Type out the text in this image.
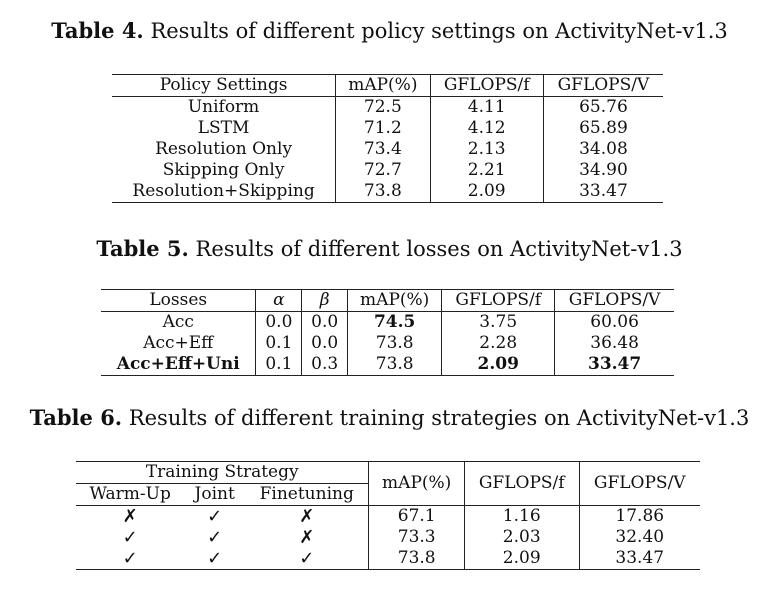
Table 4. Results of different policy settings on ActivityNet-v1.3
Policy Settings	mAP(%)	GFLOPS/f	GFLOPS/V
Uniform	72.5	4.11	65.76
LSTM	71.2	4.12	65.89
Resolution Only	73.4	2.13	34.08
Skipping Only	72.7	2.21	34.90
Resolution+Skipping	73.8	2.09	33.47
Table 5. Results of different losses on ActivityNet-v1.3
Losses	α	β	mAP(%)	GFLOPS/f	GFLOPS/V
Acc	0.0	0.0	74.5	3.75	60.06
Acc+Eff	0.1	0.0	73.8	2.28	36.48
Acc+Eff+Uni	0.1	0.3	73.8	2.09	33.47
Table 6. Results of different training strategies on ActivityNet-v1.3
Training Strategy			mAP(%)	GFLOPS/f	GFLOPS/V
Warm-Up	Joint	Finetuning			
✗	✓	✗	67.1	1.16	17.86
✓	✓	✗	73.3	2.03	32.40
✓	✓	✓	73.8	2.09	33.47
